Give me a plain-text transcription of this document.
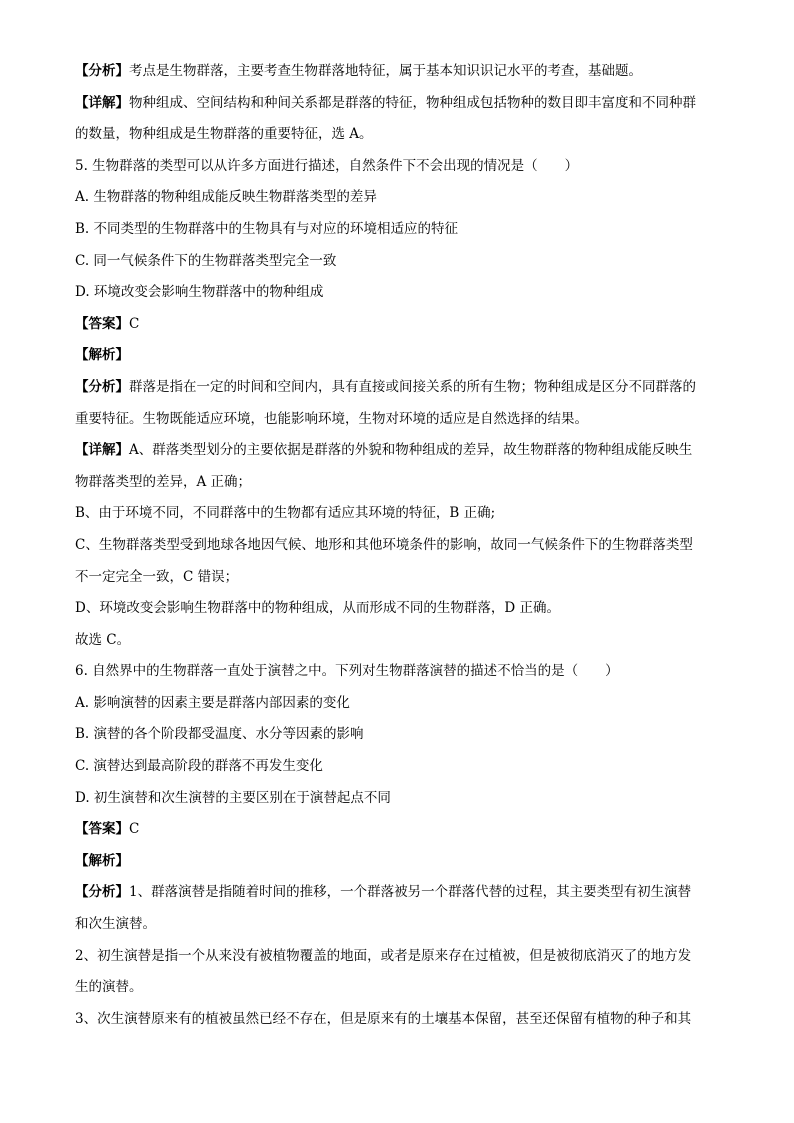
【分析】考点是生物群落，主要考查生物群落地特征，属于基本知识识记水平的考查，基础题。
【详解】物种组成、空间结构和种间关系都是群落的特征，物种组成包括物种的数目即丰富度和不同种群
的数量，物种组成是生物群落的重要特征，选 A。
5. 生物群落的类型可以从许多方面进行描述，自然条件下不会出现的情况是（　　）
A. 生物群落的物种组成能反映生物群落类型的差异
B. 不同类型的生物群落中的生物具有与对应的环境相适应的特征
C. 同一气候条件下的生物群落类型完全一致
D. 环境改变会影响生物群落中的物种组成
【答案】C
【解析】
【分析】群落是指在一定的时间和空间内，具有直接或间接关系的所有生物；物种组成是区分不同群落的
重要特征。生物既能适应环境，也能影响环境，生物对环境的适应是自然选择的结果。
【详解】A、群落类型划分的主要依据是群落的外貌和物种组成的差异，故生物群落的物种组成能反映生
物群落类型的差异，A 正确；
B、由于环境不同，不同群落中的生物都有适应其环境的特征，B 正确;
C、生物群落类型受到地球各地因气候、地形和其他环境条件的影响，故同一气候条件下的生物群落类型
不一定完全一致，C 错误；
D、环境改变会影响生物群落中的物种组成，从而形成不同的生物群落，D 正确。
故选 C。
6. 自然界中的生物群落一直处于演替之中。下列对生物群落演替的描述不恰当的是（　　）
A. 影响演替的因素主要是群落内部因素的变化
B. 演替的各个阶段都受温度、水分等因素的影响
C. 演替达到最高阶段的群落不再发生变化
D. 初生演替和次生演替的主要区别在于演替起点不同
【答案】C
【解析】
【分析】1、群落演替是指随着时间的推移，一个群落被另一个群落代替的过程，其主要类型有初生演替
和次生演替。
2、初生演替是指一个从来没有被植物覆盖的地面，或者是原来存在过植被，但是被彻底消灭了的地方发
生的演替。
3、次生演替原来有的植被虽然已经不存在，但是原来有的土壤基本保留，甚至还保留有植物的种子和其
